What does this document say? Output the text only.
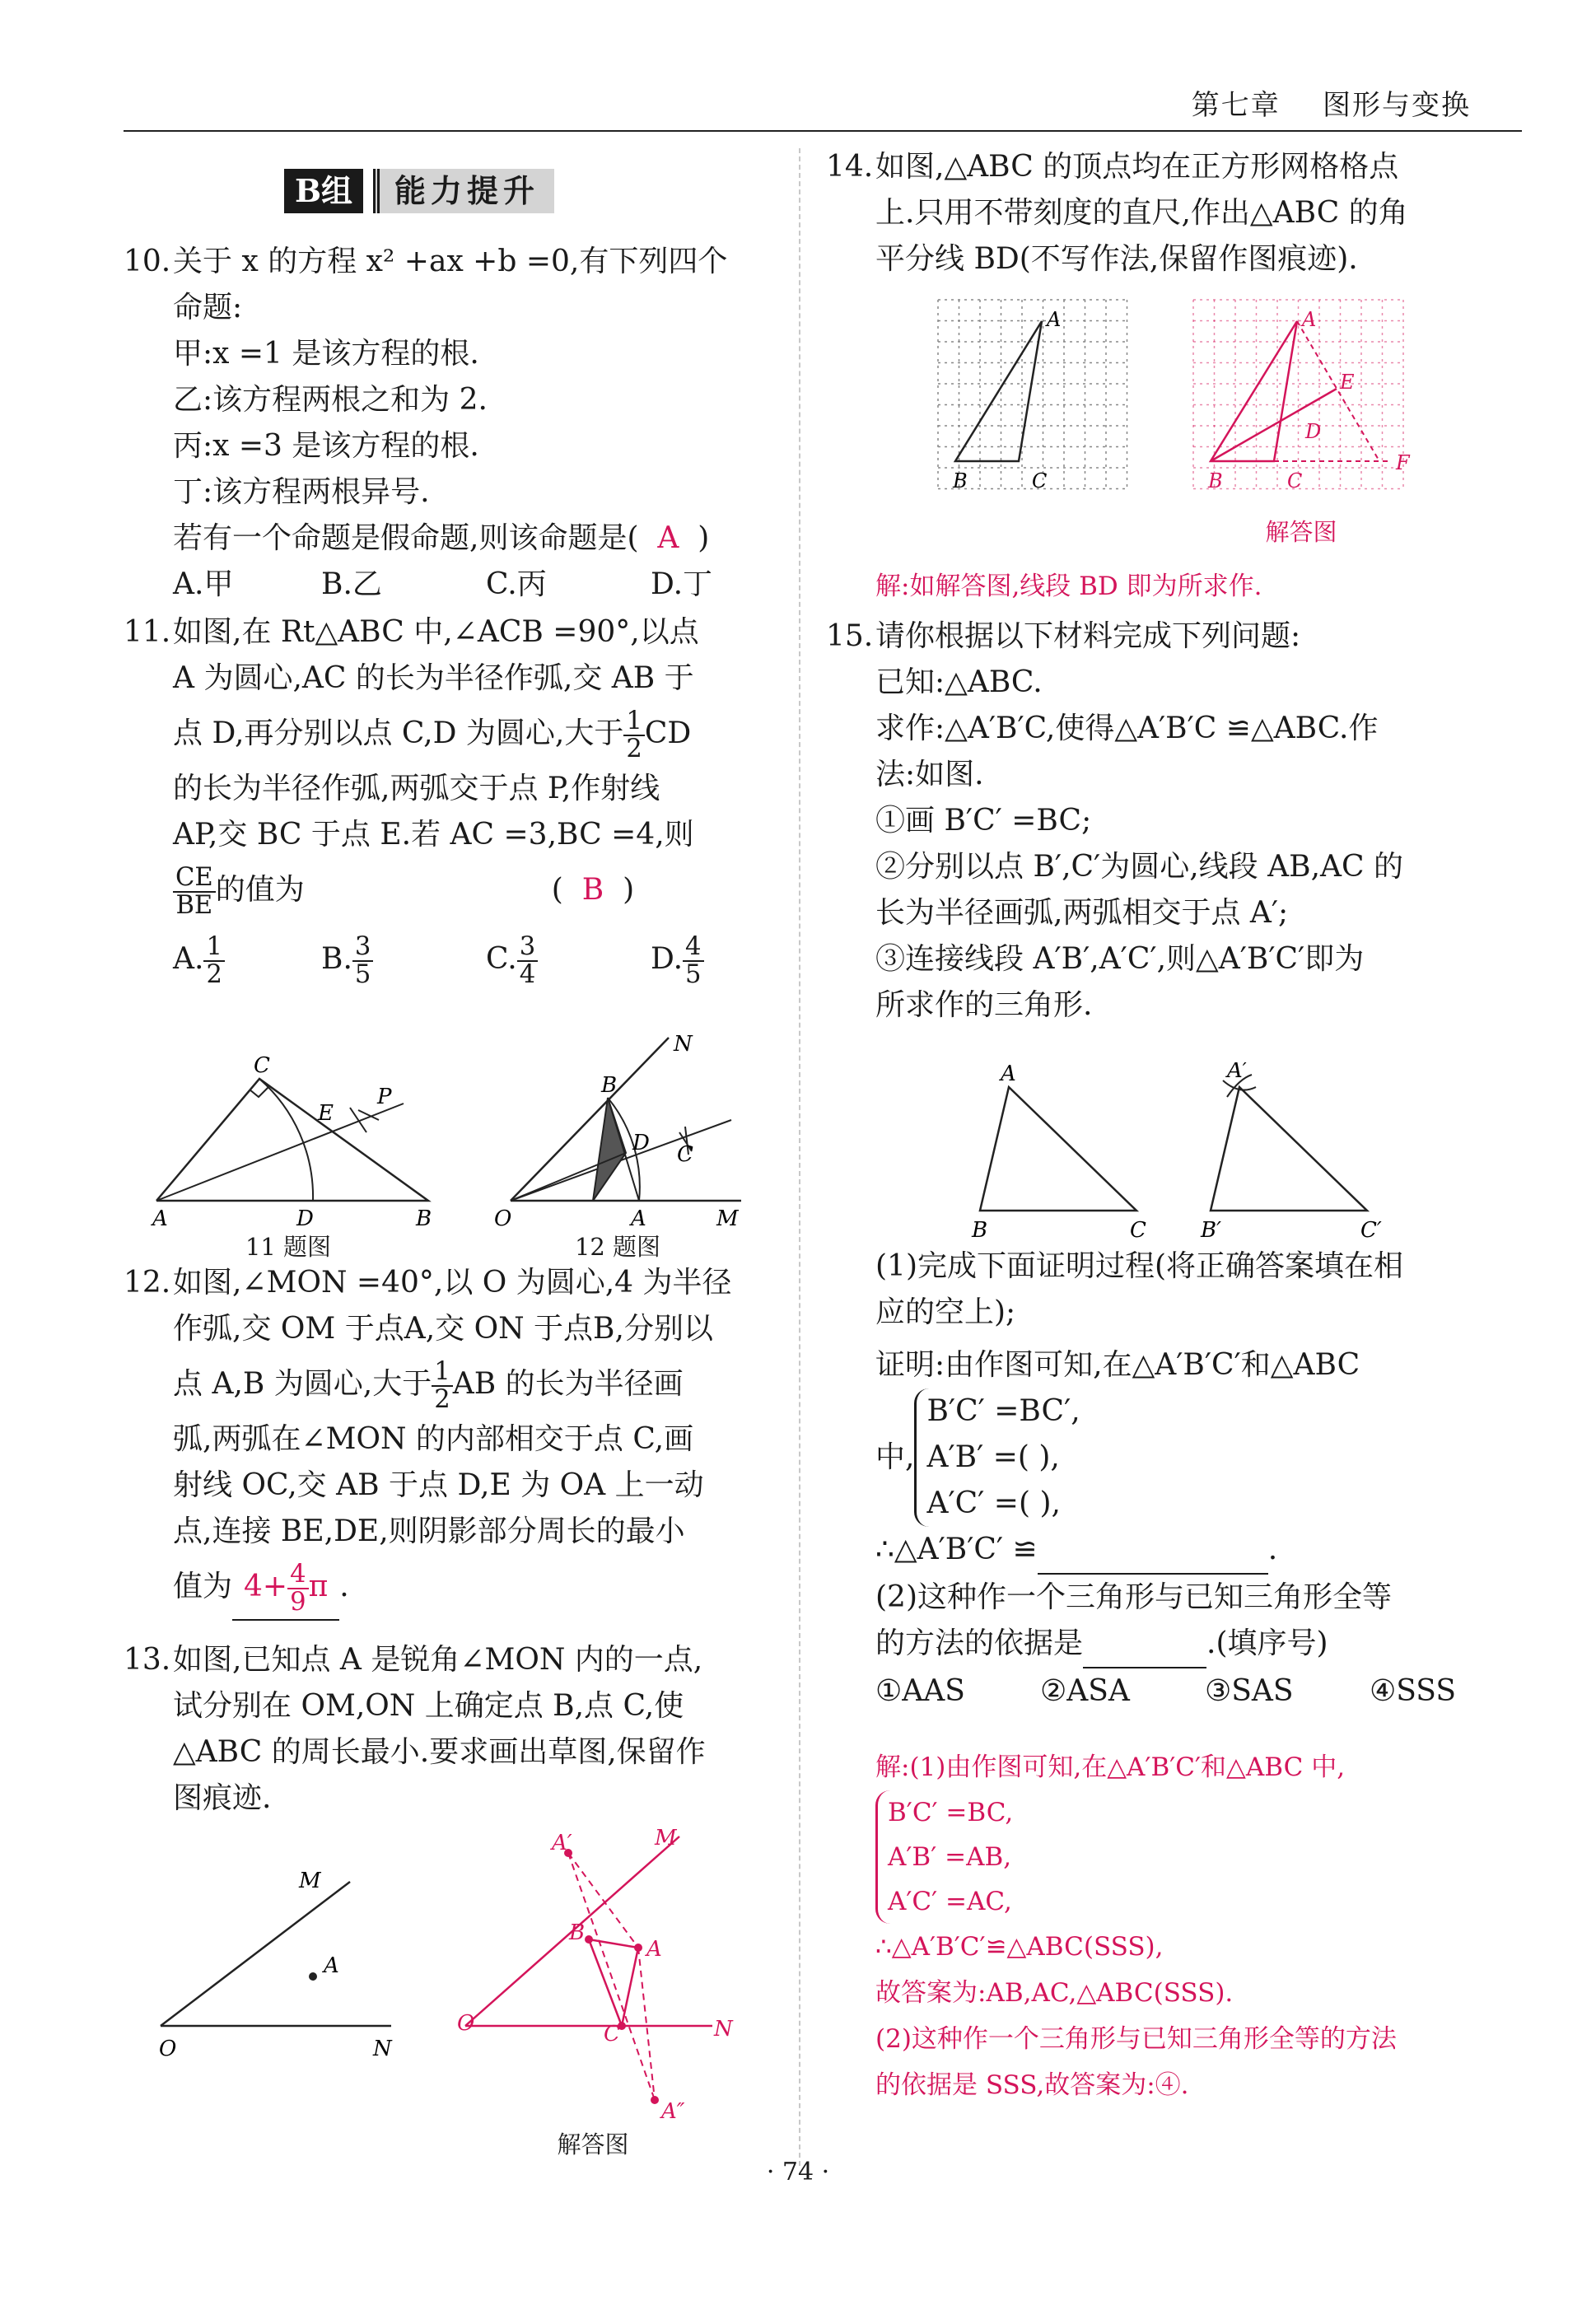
第七章 图形与变换
B组 能力提升
10.关于 x 的方程 x² +ax +b =0,有下列四个
命题:
甲:x =1 是该方程的根.
乙:该方程两根之和为 2.
丙:x =3 是该方程的根.
丁:该方程两根异号.
若有一个命题是假命题,则该命题是( A )
A.甲	B.乙	C.丙	D.丁
11.如图,在 Rt△ABC 中,∠ACB =90°,以点
A 为圆心,AC 的长为半径作弧,交 AB 于
点 D,再分别以点 C,D 为圆心,大于 $\frac{1}{2}$ CD
的长为半径作弧,两弧交于点 P,作射线
AP,交 BC 于点 E.若 AC =3,BC =4,则
$\frac{CE}{BE}$ 的值为	( B )
A. $\frac{1}{2}$	B. $\frac{3}{5}$	C. $\frac{3}{4}$	D. $\frac{4}{5}$
C
E
P
A	D	B
11 题图
N
B
D C
O	A	M
12 题图
12.如图,∠MON =40°,以 O 为圆心,4 为半径
作弧,交 OM 于点A,交 ON 于点B,分别以
点 A,B 为圆心,大于 $\frac{1}{2}$ AB 的长为半径画
弧,两弧在∠MON 的内部相交于点 C,画
射线 OC,交 AB 于点 D,E 为 OA 上一动
点,连接 BE,DE,则阴影部分周长的最小
值为 $4+ \frac{4}{9}$ π .
13.如图,已知点 A 是锐角∠MON 内的一点,
试分别在 OM,ON 上确定点 B,点 C,使
△ABC 的周长最小.要求画出草图,保留作
图痕迹.
M
A
O	N
M
A′
B
A
O	C	N
A″
解答图
14.如图,△ABC 的顶点均在正方形网格格点
上.只用不带刻度的直尺,作出△ABC 的角
平分线 BD(不写作法,保留作图痕迹).
A
B	C
A
E
D
B	C
F
解答图
解:如解答图,线段 BD 即为所求作.
15.请你根据以下材料完成下列问题:
已知:△ABC.
求作:△A′B′C,使得△A′B′C ≌△ABC.作
法:如图.
①画 B′C′ =BC;
②分别以点 B′,C′为圆心,线段 AB,AC 的
长为半径画弧,两弧相交于点 A′;
③连接线段 A′B′,A′C′,则△A′B′C′即为
所求作的三角形.
A
B	C
A′
B′	C′
(1)完成下面证明过程(将正确答案填在相
应的空上);
证明:由作图可知,在△A′B′C′和△ABC
中,
B′C′ =BC′,
A′B′ =( ),
A′C′ =( ),
∴△A′B′C′ ≌	.
(2)这种作一个三角形与已知三角形全等
的方法的依据是	.(填序号)
①AAS	②ASA	③SAS	④SSS
解:(1)由作图可知,在△A′B′C′和△ABC 中,
B′C′ =BC,
A′B′ =AB,
A′C′ =AC,
∴△A′B′C′≌△ABC(SSS),
故答案为:AB,AC,△ABC(SSS).
(2)这种作一个三角形与已知三角形全等的方法
的依据是 SSS,故答案为:④.
· 74 ·
